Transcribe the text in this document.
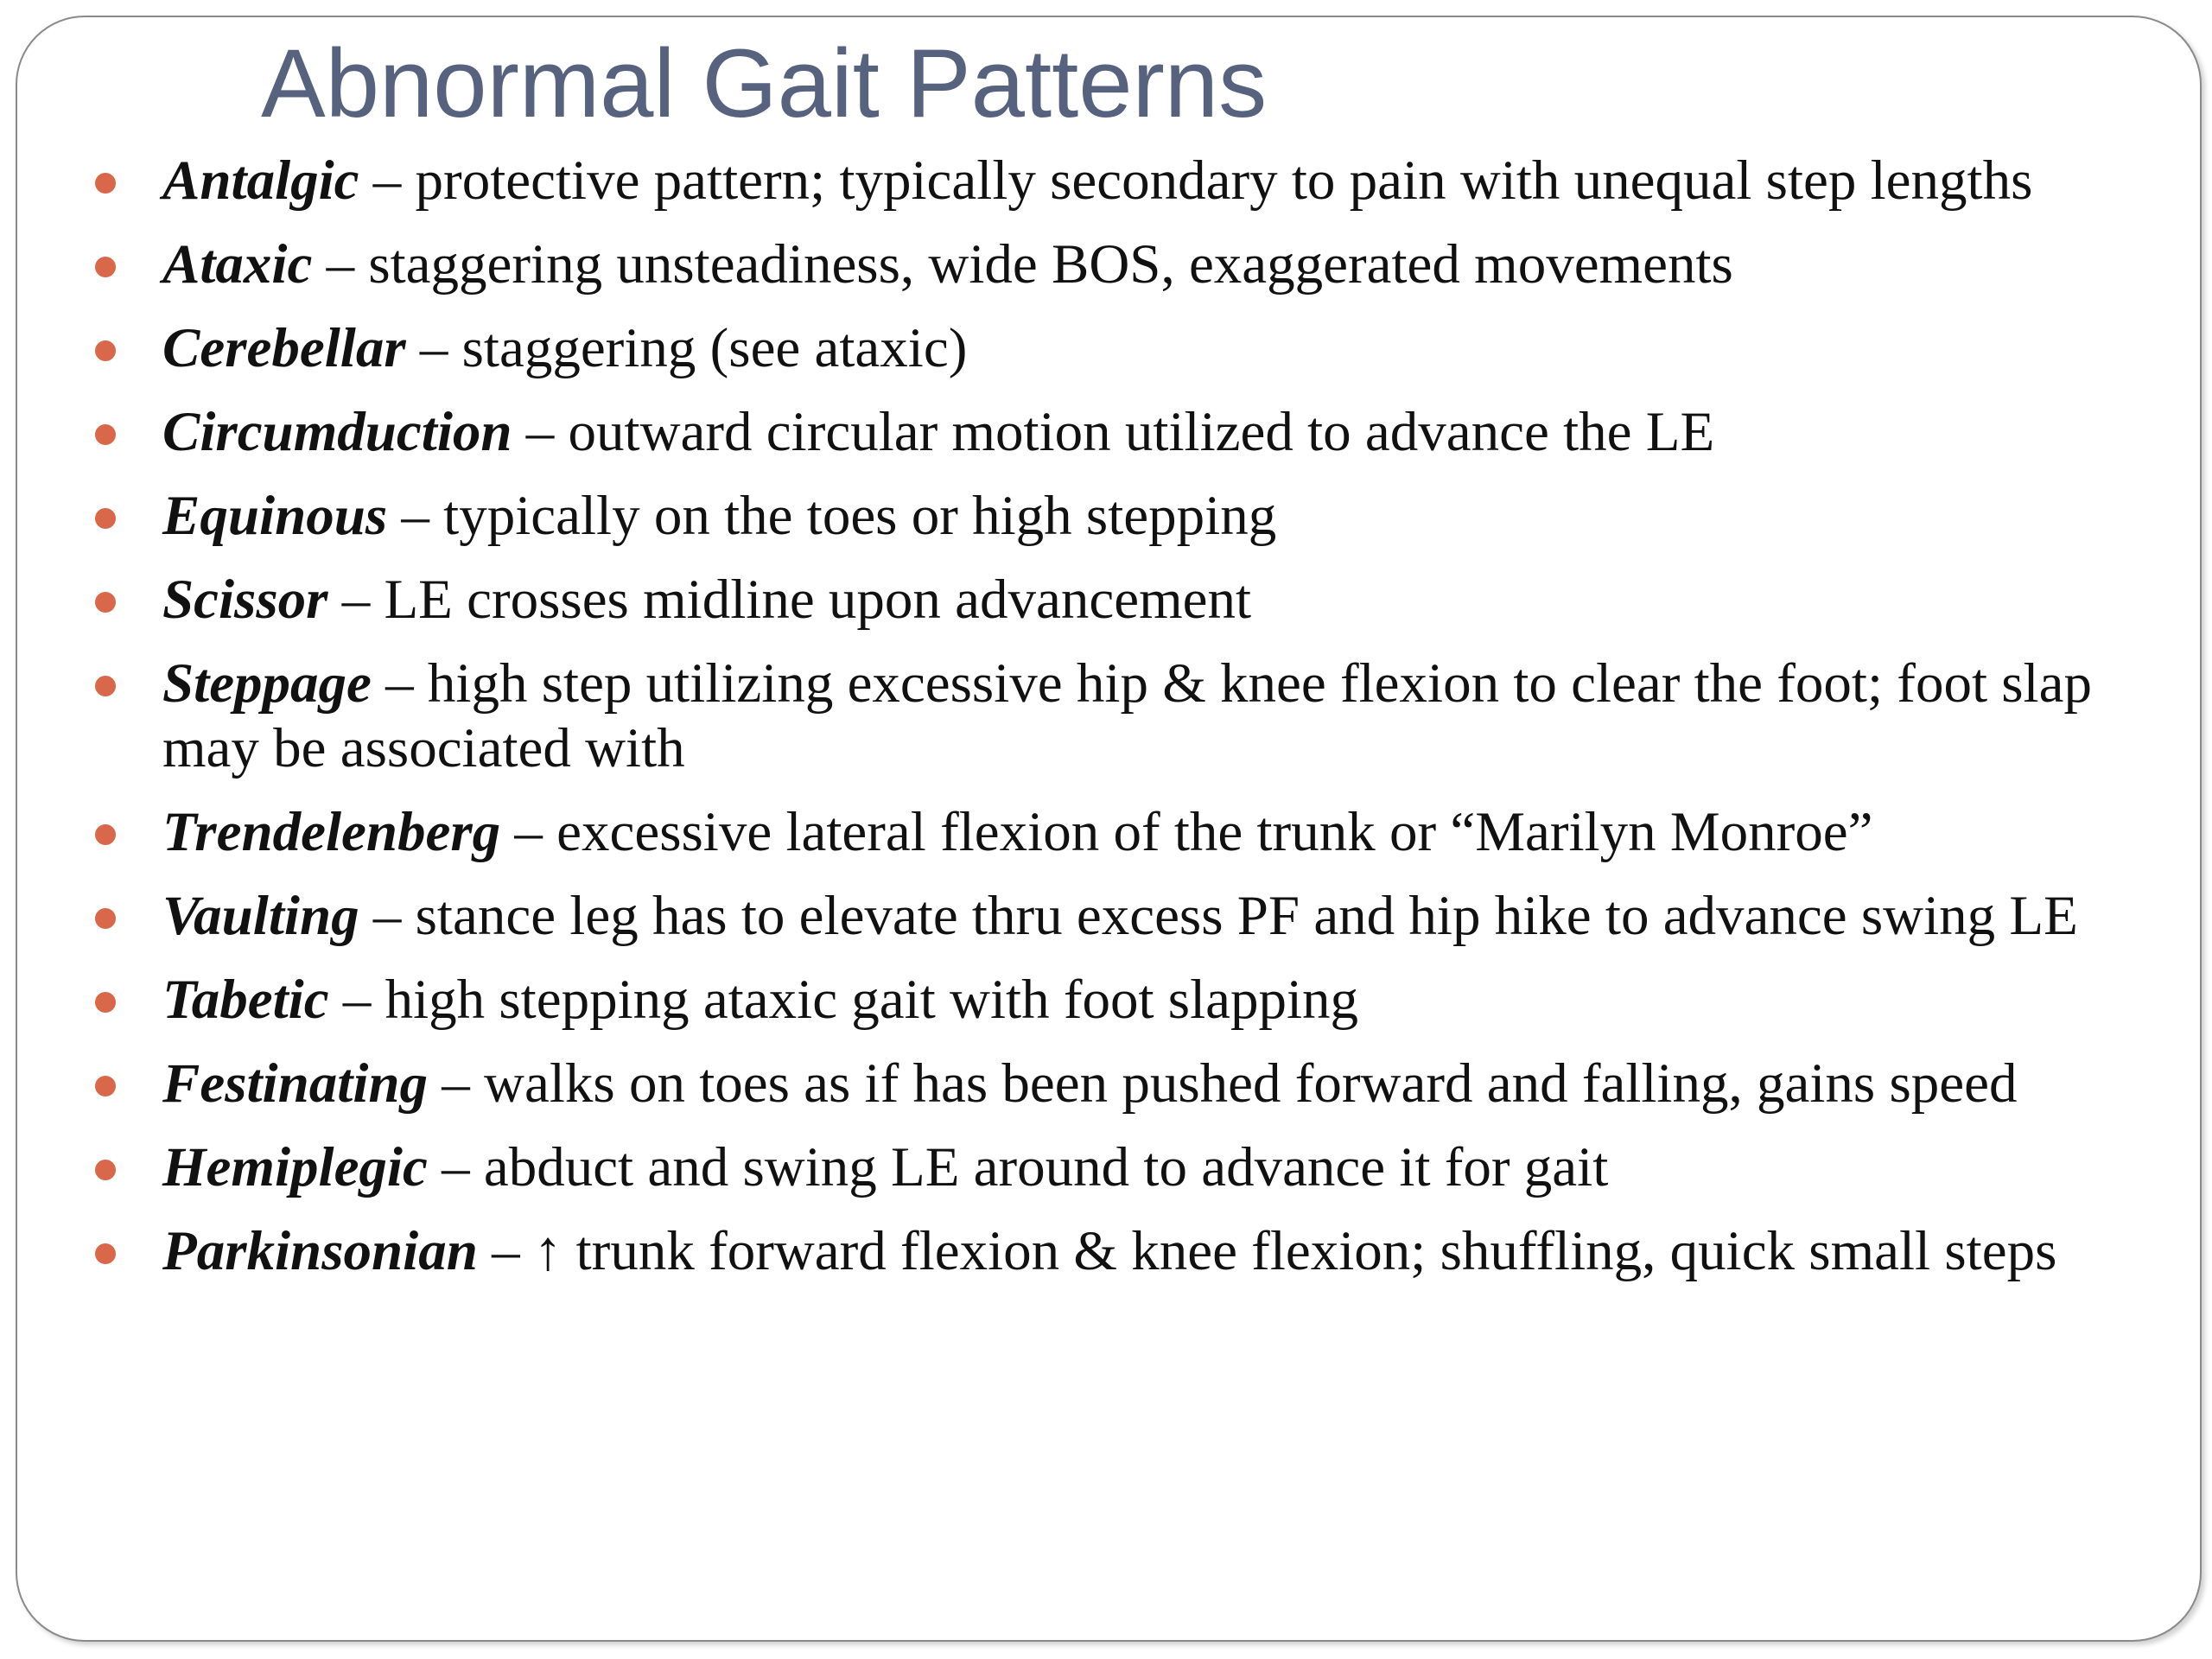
Abnormal Gait Patterns
Antalgic – protective pattern; typically secondary to pain with unequal step lengths
Ataxic – staggering unsteadiness, wide BOS, exaggerated movements
Cerebellar – staggering (see ataxic)
Circumduction – outward circular motion utilized to advance the LE
Equinous – typically on the toes or high stepping
Scissor – LE crosses midline upon advancement
Steppage – high step utilizing excessive hip & knee flexion to clear the foot; foot slap may be associated with
Trendelenberg – excessive lateral flexion of the trunk or “Marilyn Monroe”
Vaulting – stance leg has to elevate thru excess PF and hip hike to advance swing LE
Tabetic – high stepping ataxic gait with foot slapping
Festinating – walks on toes as if has been pushed forward and falling, gains speed
Hemiplegic – abduct and swing LE around to advance it for gait
Parkinsonian – ↑ trunk forward flexion & knee flexion; shuffling, quick small steps
